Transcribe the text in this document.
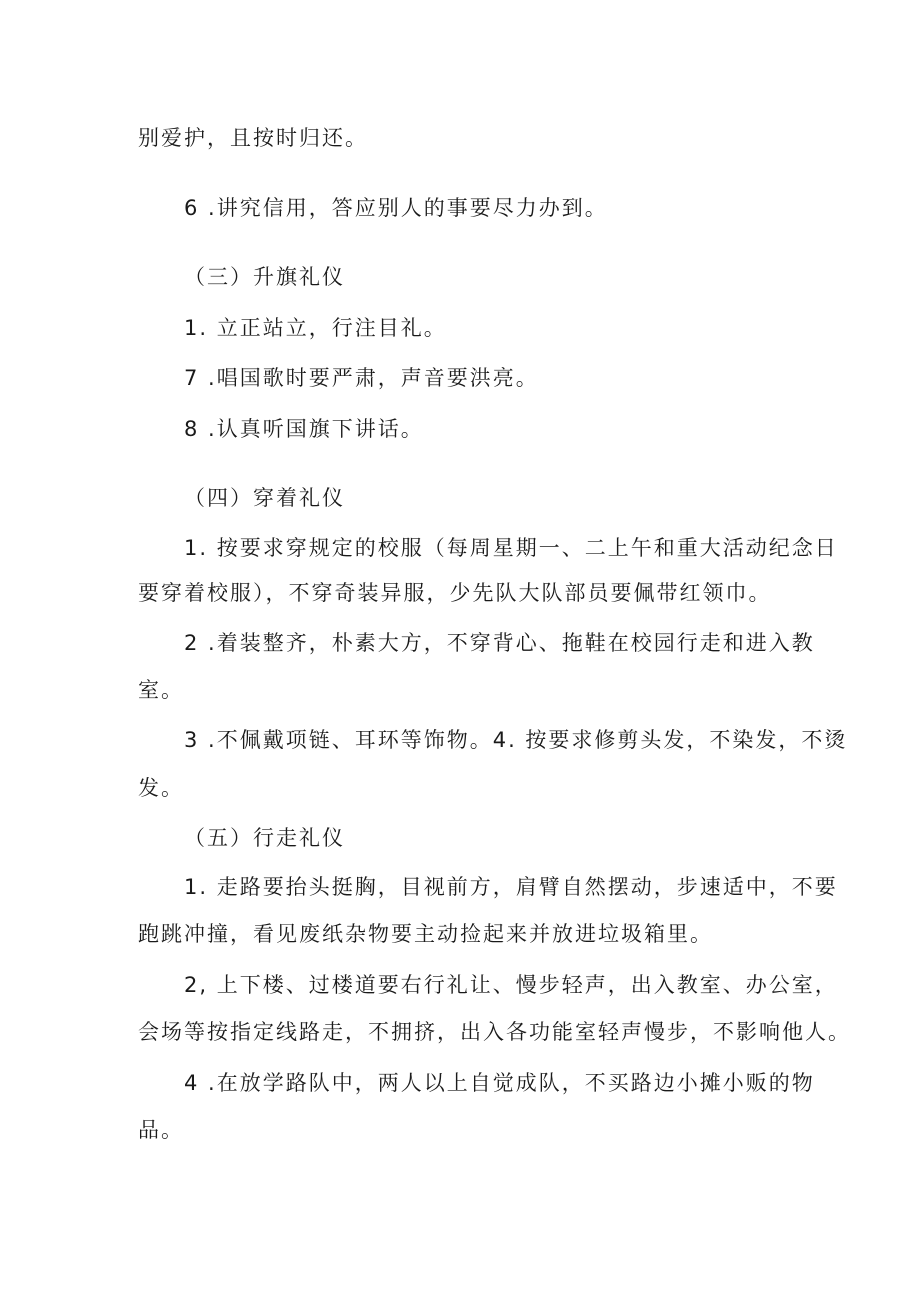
别爱护，且按时归还。

6 .讲究信用，答应别人的事要尽力办到。

（三）升旗礼仪

1. 立正站立，行注目礼。

7 .唱国歌时要严肃，声音要洪亮。

8 .认真听国旗下讲话。

（四）穿着礼仪

1. 按要求穿规定的校服（每周星期一、二上午和重大活动纪念日

要穿着校服），不穿奇装异服，少先队大队部员要佩带红领巾。

2 .着装整齐，朴素大方，不穿背心、拖鞋在校园行走和进入教

室。

3 .不佩戴项链、耳环等饰物。4. 按要求修剪头发，不染发，不烫

发。

（五）行走礼仪

1. 走路要抬头挺胸，目视前方，肩臂自然摆动，步速适中，不要

跑跳冲撞，看见废纸杂物要主动捡起来并放进垃圾箱里。

2, 上下楼、过楼道要右行礼让、慢步轻声，出入教室、办公室，

会场等按指定线路走，不拥挤，出入各功能室轻声慢步，不影响他人。

4 .在放学路队中，两人以上自觉成队，不买路边小摊小贩的物

品。
